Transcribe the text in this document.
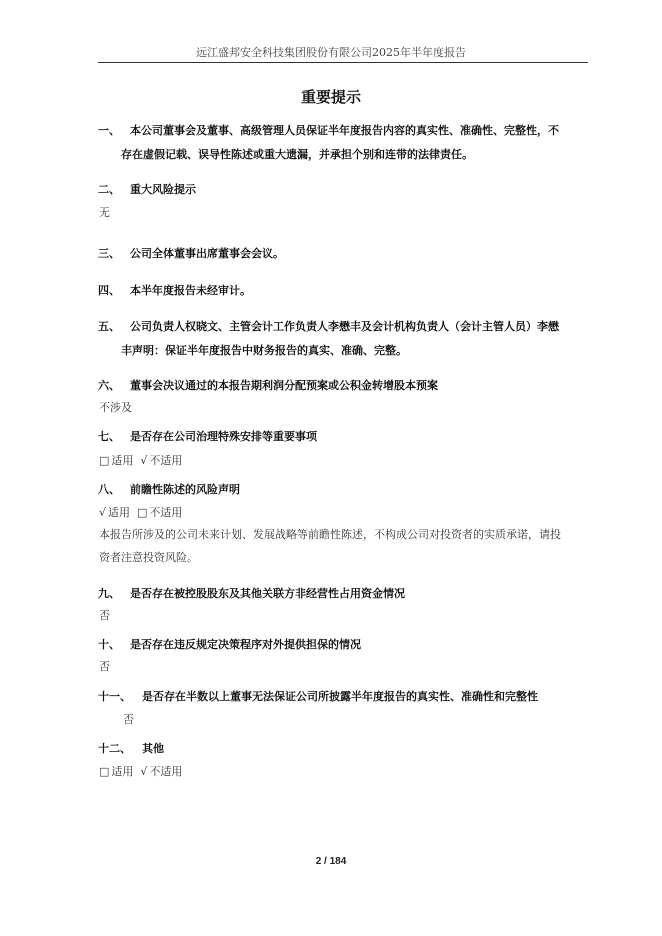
远江盛邦安全科技集团股份有限公司2025年半年度报告
重要提示
一、 本公司董事会及董事、高级管理人员保证半年度报告内容的真实性、准确性、完整性，不
存在虚假记载、误导性陈述或重大遗漏，并承担个别和连带的法律责任。
二、 重大风险提示
无
三、 公司全体董事出席董事会会议。
四、 本半年度报告未经审计。
五、 公司负责人权晓文、主管会计工作负责人李懋丰及会计机构负责人（会计主管人员）李懋
丰声明：保证半年度报告中财务报告的真实、准确、完整。
六、 董事会决议通过的本报告期利润分配预案或公积金转增股本预案
不涉及
七、 是否存在公司治理特殊安排等重要事项
□ 适用 √ 不适用
八、 前瞻性陈述的风险声明
√ 适用 □ 不适用
本报告所涉及的公司未来计划、发展战略等前瞻性陈述，不构成公司对投资者的实质承诺，请投
资者注意投资风险。
九、 是否存在被控股股东及其他关联方非经营性占用资金情况
否
十、 是否存在违反规定决策程序对外提供担保的情况
否
十一、 是否存在半数以上董事无法保证公司所披露半年度报告的真实性、准确性和完整性
否
十二、 其他
□ 适用 √ 不适用
2 / 184
